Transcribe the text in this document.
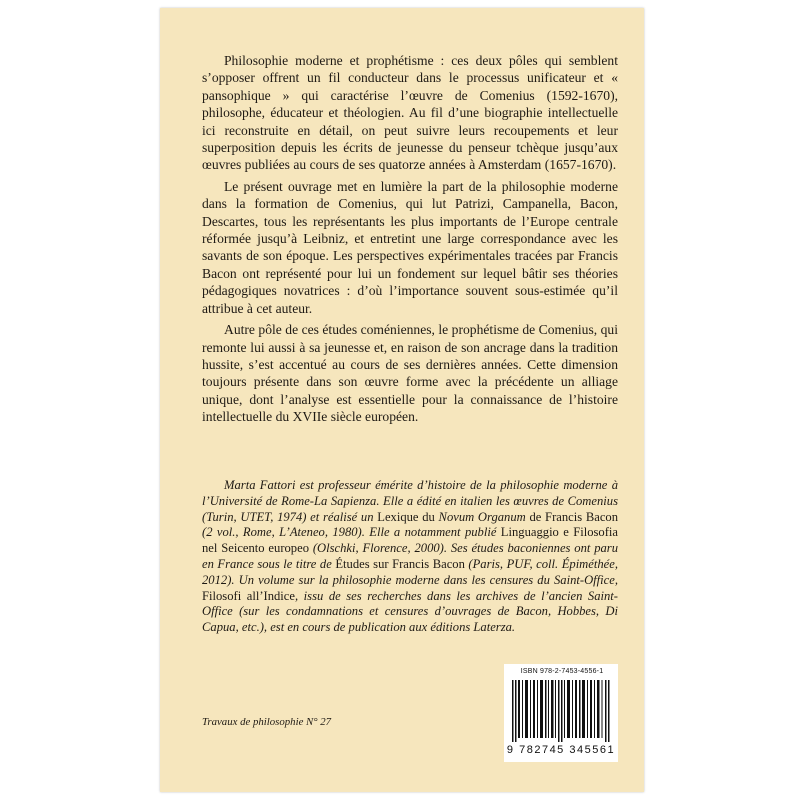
Philosophie moderne et prophétisme : ces deux pôles qui semblent s’opposer offrent un fil conducteur dans le processus unificateur et « pansophique » qui caractérise l’œuvre de Comenius (1592-1670), philosophe, éducateur et théologien. Au fil d’une biographie intellectuelle ici reconstruite en détail, on peut suivre leurs recoupements et leur superposition depuis les écrits de jeunesse du penseur tchèque jusqu’aux œuvres publiées au cours de ses quatorze années à Amsterdam (1657-1670).

Le présent ouvrage met en lumière la part de la philosophie moderne dans la formation de Comenius, qui lut Patrizi, Campanella, Bacon, Descartes, tous les représentants les plus importants de l’Europe centrale réformée jusqu’à Leibniz, et entretint une large correspondance avec les savants de son époque. Les perspectives expérimentales tracées par Francis Bacon ont représenté pour lui un fondement sur lequel bâtir ses théories pédagogiques novatrices : d’où l’importance souvent sous-estimée qu’il attribue à cet auteur.

Autre pôle de ces études coméniennes, le prophétisme de Comenius, qui remonte lui aussi à sa jeunesse et, en raison de son ancrage dans la tradition hussite, s’est accentué au cours de ses dernières années. Cette dimension toujours présente dans son œuvre forme avec la précédente un alliage unique, dont l’analyse est essentielle pour la connaissance de l’histoire intellectuelle du XVIIe siècle européen.

Marta Fattori est professeur émérite d’histoire de la philosophie moderne à l’Université de Rome-La Sapienza. Elle a édité en italien les œuvres de Comenius (Turin, UTET, 1974) et réalisé un Lexique du Novum Organum de Francis Bacon (2 vol., Rome, L’Ateneo, 1980). Elle a notamment publié Linguaggio e Filosofia nel Seicento europeo (Olschki, Florence, 2000). Ses études baconiennes ont paru en France sous le titre de Études sur Francis Bacon (Paris, PUF, coll. Épiméthée, 2012). Un volume sur la philosophie moderne dans les censures du Saint-Office, Filosofi all’Indice, issu de ses recherches dans les archives de l’ancien Saint-Office (sur les condamnations et censures d’ouvrages de Bacon, Hobbes, Di Capua, etc.), est en cours de publication aux éditions Laterza.
Travaux de philosophie N° 27
ISBN 978-2-7453-4556-1
9 782745 345561
